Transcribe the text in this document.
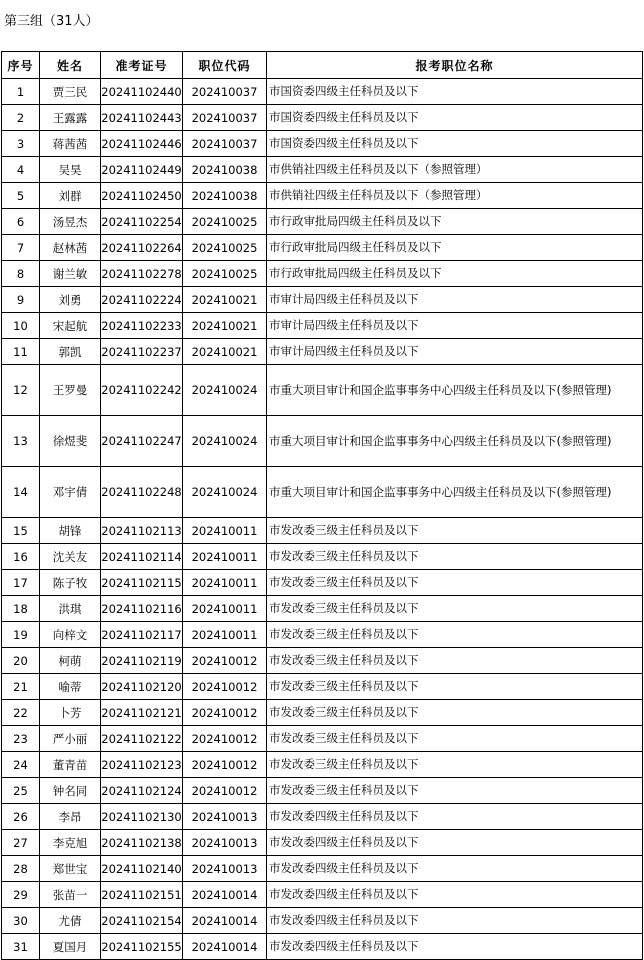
第三组（31人）
序号	姓名	准考证号	职位代码	报考职位名称
1	贾三民	20241102440	202410037	市国资委四级主任科员及以下
2	王露露	20241102443	202410037	市国资委四级主任科员及以下
3	蒋茜茜	20241102446	202410037	市国资委四级主任科员及以下
4	吴昊	20241102449	202410038	市供销社四级主任科员及以下（参照管理）
5	刘群	20241102450	202410038	市供销社四级主任科员及以下（参照管理）
6	汤昱杰	20241102254	202410025	市行政审批局四级主任科员及以下
7	赵林茜	20241102264	202410025	市行政审批局四级主任科员及以下
8	谢兰敏	20241102278	202410025	市行政审批局四级主任科员及以下
9	刘勇	20241102224	202410021	市审计局四级主任科员及以下
10	宋起航	20241102233	202410021	市审计局四级主任科员及以下
11	郭凯	20241102237	202410021	市审计局四级主任科员及以下
12	王罗曼	20241102242	202410024	市重大项目审计和国企监事事务中心四级主任科员及以下(参照管理)
13	徐煜斐	20241102247	202410024	市重大项目审计和国企监事事务中心四级主任科员及以下(参照管理)
14	邓宇倩	20241102248	202410024	市重大项目审计和国企监事事务中心四级主任科员及以下(参照管理)
15	胡锋	20241102113	202410011	市发改委三级主任科员及以下
16	沈关友	20241102114	202410011	市发改委三级主任科员及以下
17	陈子牧	20241102115	202410011	市发改委三级主任科员及以下
18	洪琪	20241102116	202410011	市发改委三级主任科员及以下
19	向梓文	20241102117	202410011	市发改委三级主任科员及以下
20	柯萌	20241102119	202410012	市发改委三级主任科员及以下
21	喻蒂	20241102120	202410012	市发改委三级主任科员及以下
22	卜芳	20241102121	202410012	市发改委三级主任科员及以下
23	严小丽	20241102122	202410012	市发改委三级主任科员及以下
24	董青苗	20241102123	202410012	市发改委三级主任科员及以下
25	钟名同	20241102124	202410012	市发改委三级主任科员及以下
26	李昂	20241102130	202410013	市发改委四级主任科员及以下
27	李克旭	20241102138	202410013	市发改委四级主任科员及以下
28	郑世宝	20241102140	202410013	市发改委四级主任科员及以下
29	张苗一	20241102151	202410014	市发改委四级主任科员及以下
30	尤倩	20241102154	202410014	市发改委四级主任科员及以下
31	夏国月	20241102155	202410014	市发改委四级主任科员及以下
